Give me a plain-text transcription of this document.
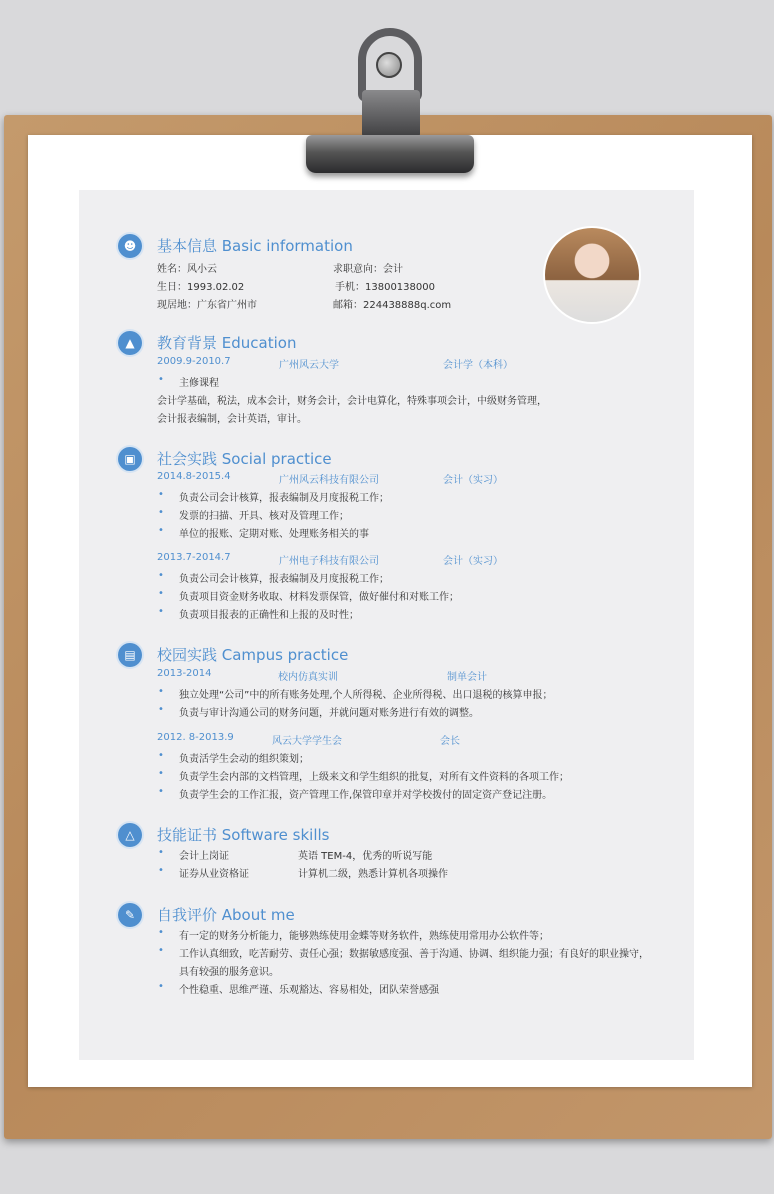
☻	基本信息 Basic information
姓名：风小云	求职意向：会计
生日：1993.02.02	手机：13800138000
现居地：广东省广州市	邮箱：224438888q.com
▲	教育背景 Education
2009.9-2010.7	广州风云大学	会计学（本科）
• 主修课程
会计学基础，税法，成本会计，财务会计，会计电算化，特殊事项会计，中级财务管理，
会计报表编制，会计英语，审计。
▣	社会实践 Social practice
2014.8-2015.4	广州风云科技有限公司	会计（实习）
• 负责公司会计核算，报表编制及月度报税工作；
• 发票的扫描、开具、核对及管理工作；
• 单位的报账、定期对账、处理账务相关的事
2013.7-2014.7	广州电子科技有限公司	会计（实习）
• 负责公司会计核算，报表编制及月度报税工作；
• 负责项目资金财务收取、材料发票保管，做好催付和对账工作；
• 负责项目报表的正确性和上报的及时性；
▤	校园实践 Campus practice
2013-2014	校内仿真实训	制单会计
• 独立处理“公司”中的所有账务处理,个人所得税、企业所得税、出口退税的核算申报；
• 负责与审计沟通公司的财务问题，并就问题对账务进行有效的调整。
2012. 8-2013.9	风云大学学生会	会长
• 负责活学生会动的组织策划；
• 负责学生会内部的文档管理，上级来文和学生组织的批复，对所有文件资料的各项工作；
• 负责学生会的工作汇报，资产管理工作,保管印章并对学校拨付的固定资产登记注册。
△	技能证书 Software skills
• 会计上岗证	英语 TEM-4，优秀的听说写能
• 证券从业资格证	计算机二级，熟悉计算机各项操作
✎	自我评价 About me
• 有一定的财务分析能力，能够熟练使用金蝶等财务软件，熟练使用常用办公软件等；
• 工作认真细致，吃苦耐劳、责任心强；数据敏感度强、善于沟通、协调、组织能力强；有良好的职业操守，
具有较强的服务意识。
• 个性稳重、思维严谨、乐观豁达、容易相处，团队荣誉感强
